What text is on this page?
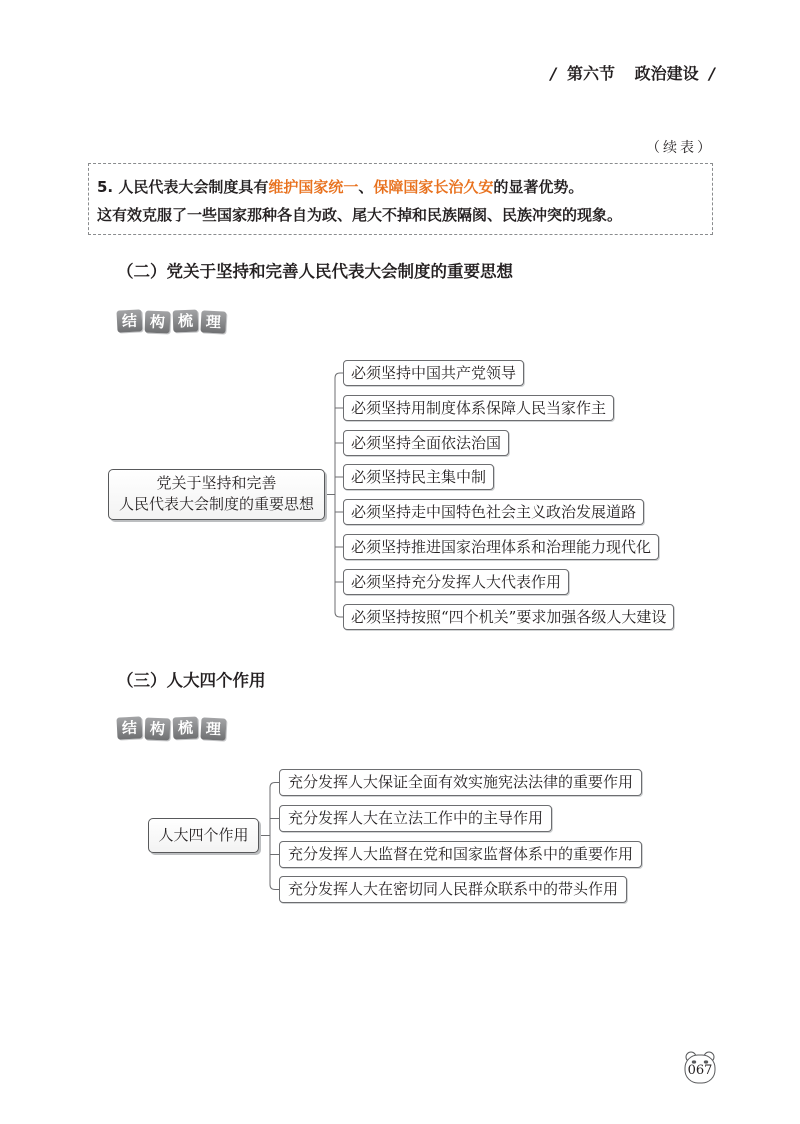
/ 第六节 政治建设 /
（续表）
5. 人民代表大会制度具有维护国家统一、保障国家长治久安的显著优势。
这有效克服了一些国家那种各自为政、尾大不掉和民族隔阂、民族冲突的现象。
（二）党关于坚持和完善人民代表大会制度的重要思想
结 构 梳 理
党关于坚持和完善
人民代表大会制度的重要思想
必须坚持中国共产党领导
必须坚持用制度体系保障人民当家作主
必须坚持全面依法治国
必须坚持民主集中制
必须坚持走中国特色社会主义政治发展道路
必须坚持推进国家治理体系和治理能力现代化
必须坚持充分发挥人大代表作用
必须坚持按照“四个机关”要求加强各级人大建设
（三）人大四个作用
结 构 梳 理
人大四个作用
充分发挥人大保证全面有效实施宪法法律的重要作用
充分发挥人大在立法工作中的主导作用
充分发挥人大监督在党和国家监督体系中的重要作用
充分发挥人大在密切同人民群众联系中的带头作用
067
